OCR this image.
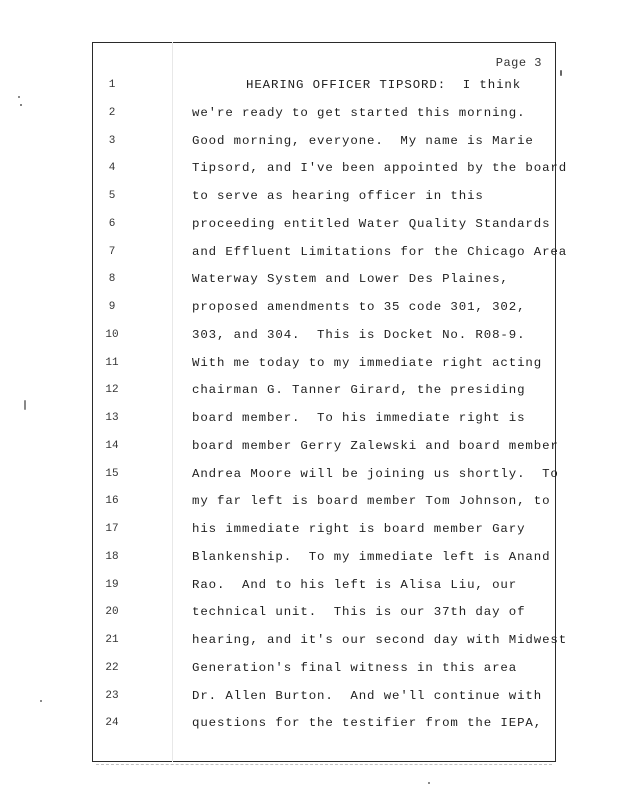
Page 3
1	HEARING OFFICER TIPSORD:  I think
2	we're ready to get started this morning.
3	Good morning, everyone.  My name is Marie
4	Tipsord, and I've been appointed by the board
5	to serve as hearing officer in this
6	proceeding entitled Water Quality Standards
7	and Effluent Limitations for the Chicago Area
8	Waterway System and Lower Des Plaines,
9	proposed amendments to 35 code 301, 302,
10	303, and 304.  This is Docket No. R08-9.
11	With me today to my immediate right acting
12	chairman G. Tanner Girard, the presiding
13	board member.  To his immediate right is
14	board member Gerry Zalewski and board member
15	Andrea Moore will be joining us shortly.  To
16	my far left is board member Tom Johnson, to
17	his immediate right is board member Gary
18	Blankenship.  To my immediate left is Anand
19	Rao.  And to his left is Alisa Liu, our
20	technical unit.  This is our 37th day of
21	hearing, and it's our second day with Midwest
22	Generation's final witness in this area
23	Dr. Allen Burton.  And we'll continue with
24	questions for the testifier from the IEPA,
